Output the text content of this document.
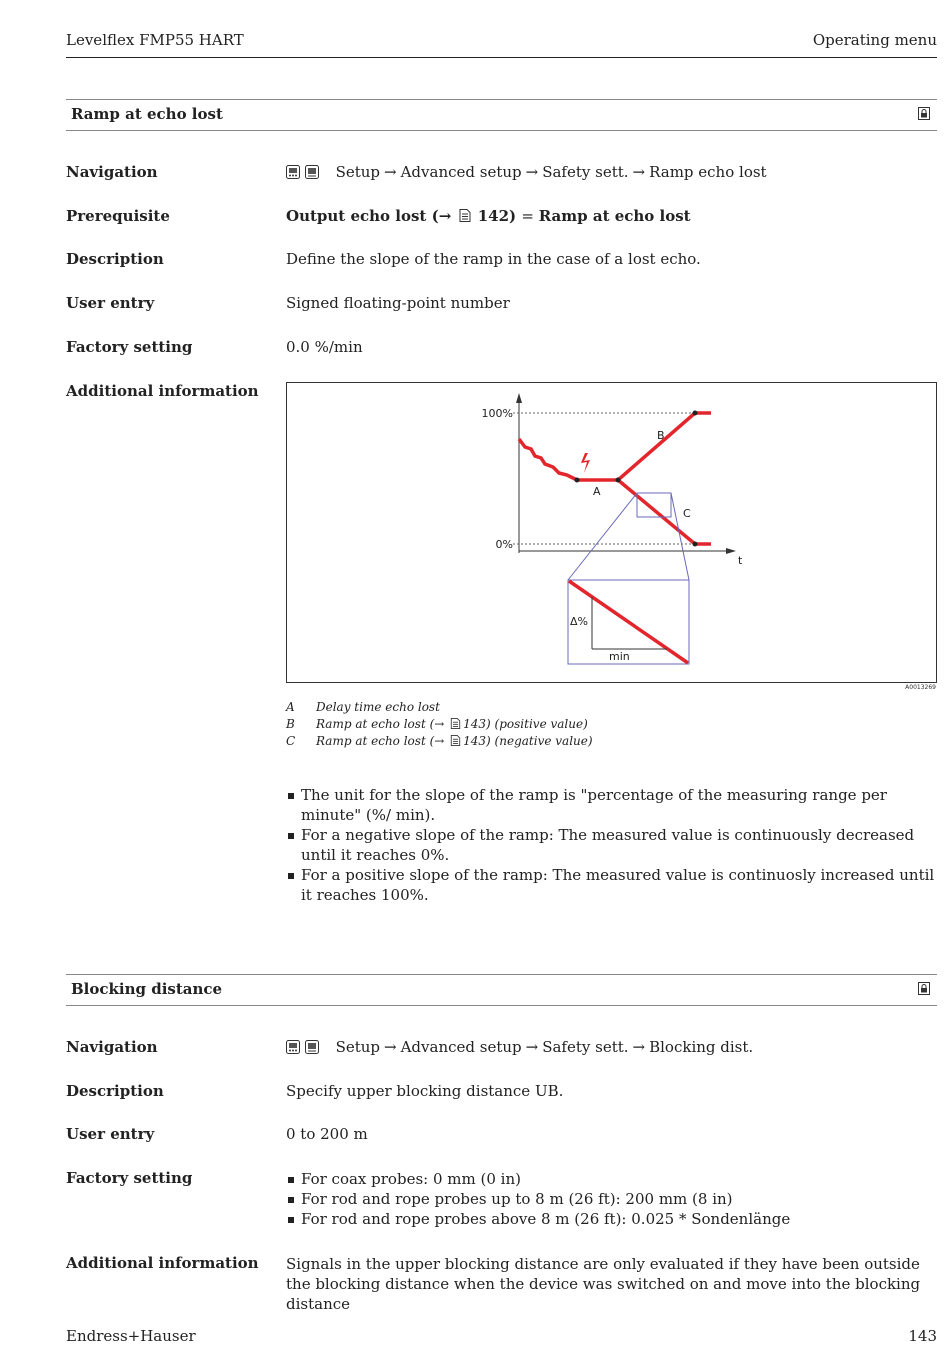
Levelflex FMP55 HART	Operating menu
Ramp at echo lost
Navigation	Setup → Advanced setup → Safety sett. → Ramp echo lost
Prerequisite	Output echo lost (→ 142) = Ramp at echo lost
Description	Define the slope of the ramp in the case of a lost echo.
User entry	Signed floating-point number
Factory setting	0.0 %/min
Additional information
100%
0%
t
A
B
C
Δ%
min
A0013269
A Delay time echo lost
B Ramp at echo lost (→ 143) (positive value)
C Ramp at echo lost (→ 143) (negative value)
The unit for the slope of the ramp is "percentage of the measuring range per minute" (%/ min).
For a negative slope of the ramp: The measured value is continuously decreased until it reaches 0%.
For a positive slope of the ramp: The measured value is continuosly increased until it reaches 100%.
Blocking distance
Navigation	Setup → Advanced setup → Safety sett. → Blocking dist.
Description	Specify upper blocking distance UB.
User entry	0 to 200 m
Factory setting	For coax probes: 0 mm (0 in)
For rod and rope probes up to 8 m (26 ft): 200 mm (8 in)
For rod and rope probes above 8 m (26 ft): 0.025 * Sondenlänge
Additional information Signals in the upper blocking distance are only evaluated if they have been outside the blocking distance when the device was switched on and move into the blocking distance
Endress+Hauser	143
